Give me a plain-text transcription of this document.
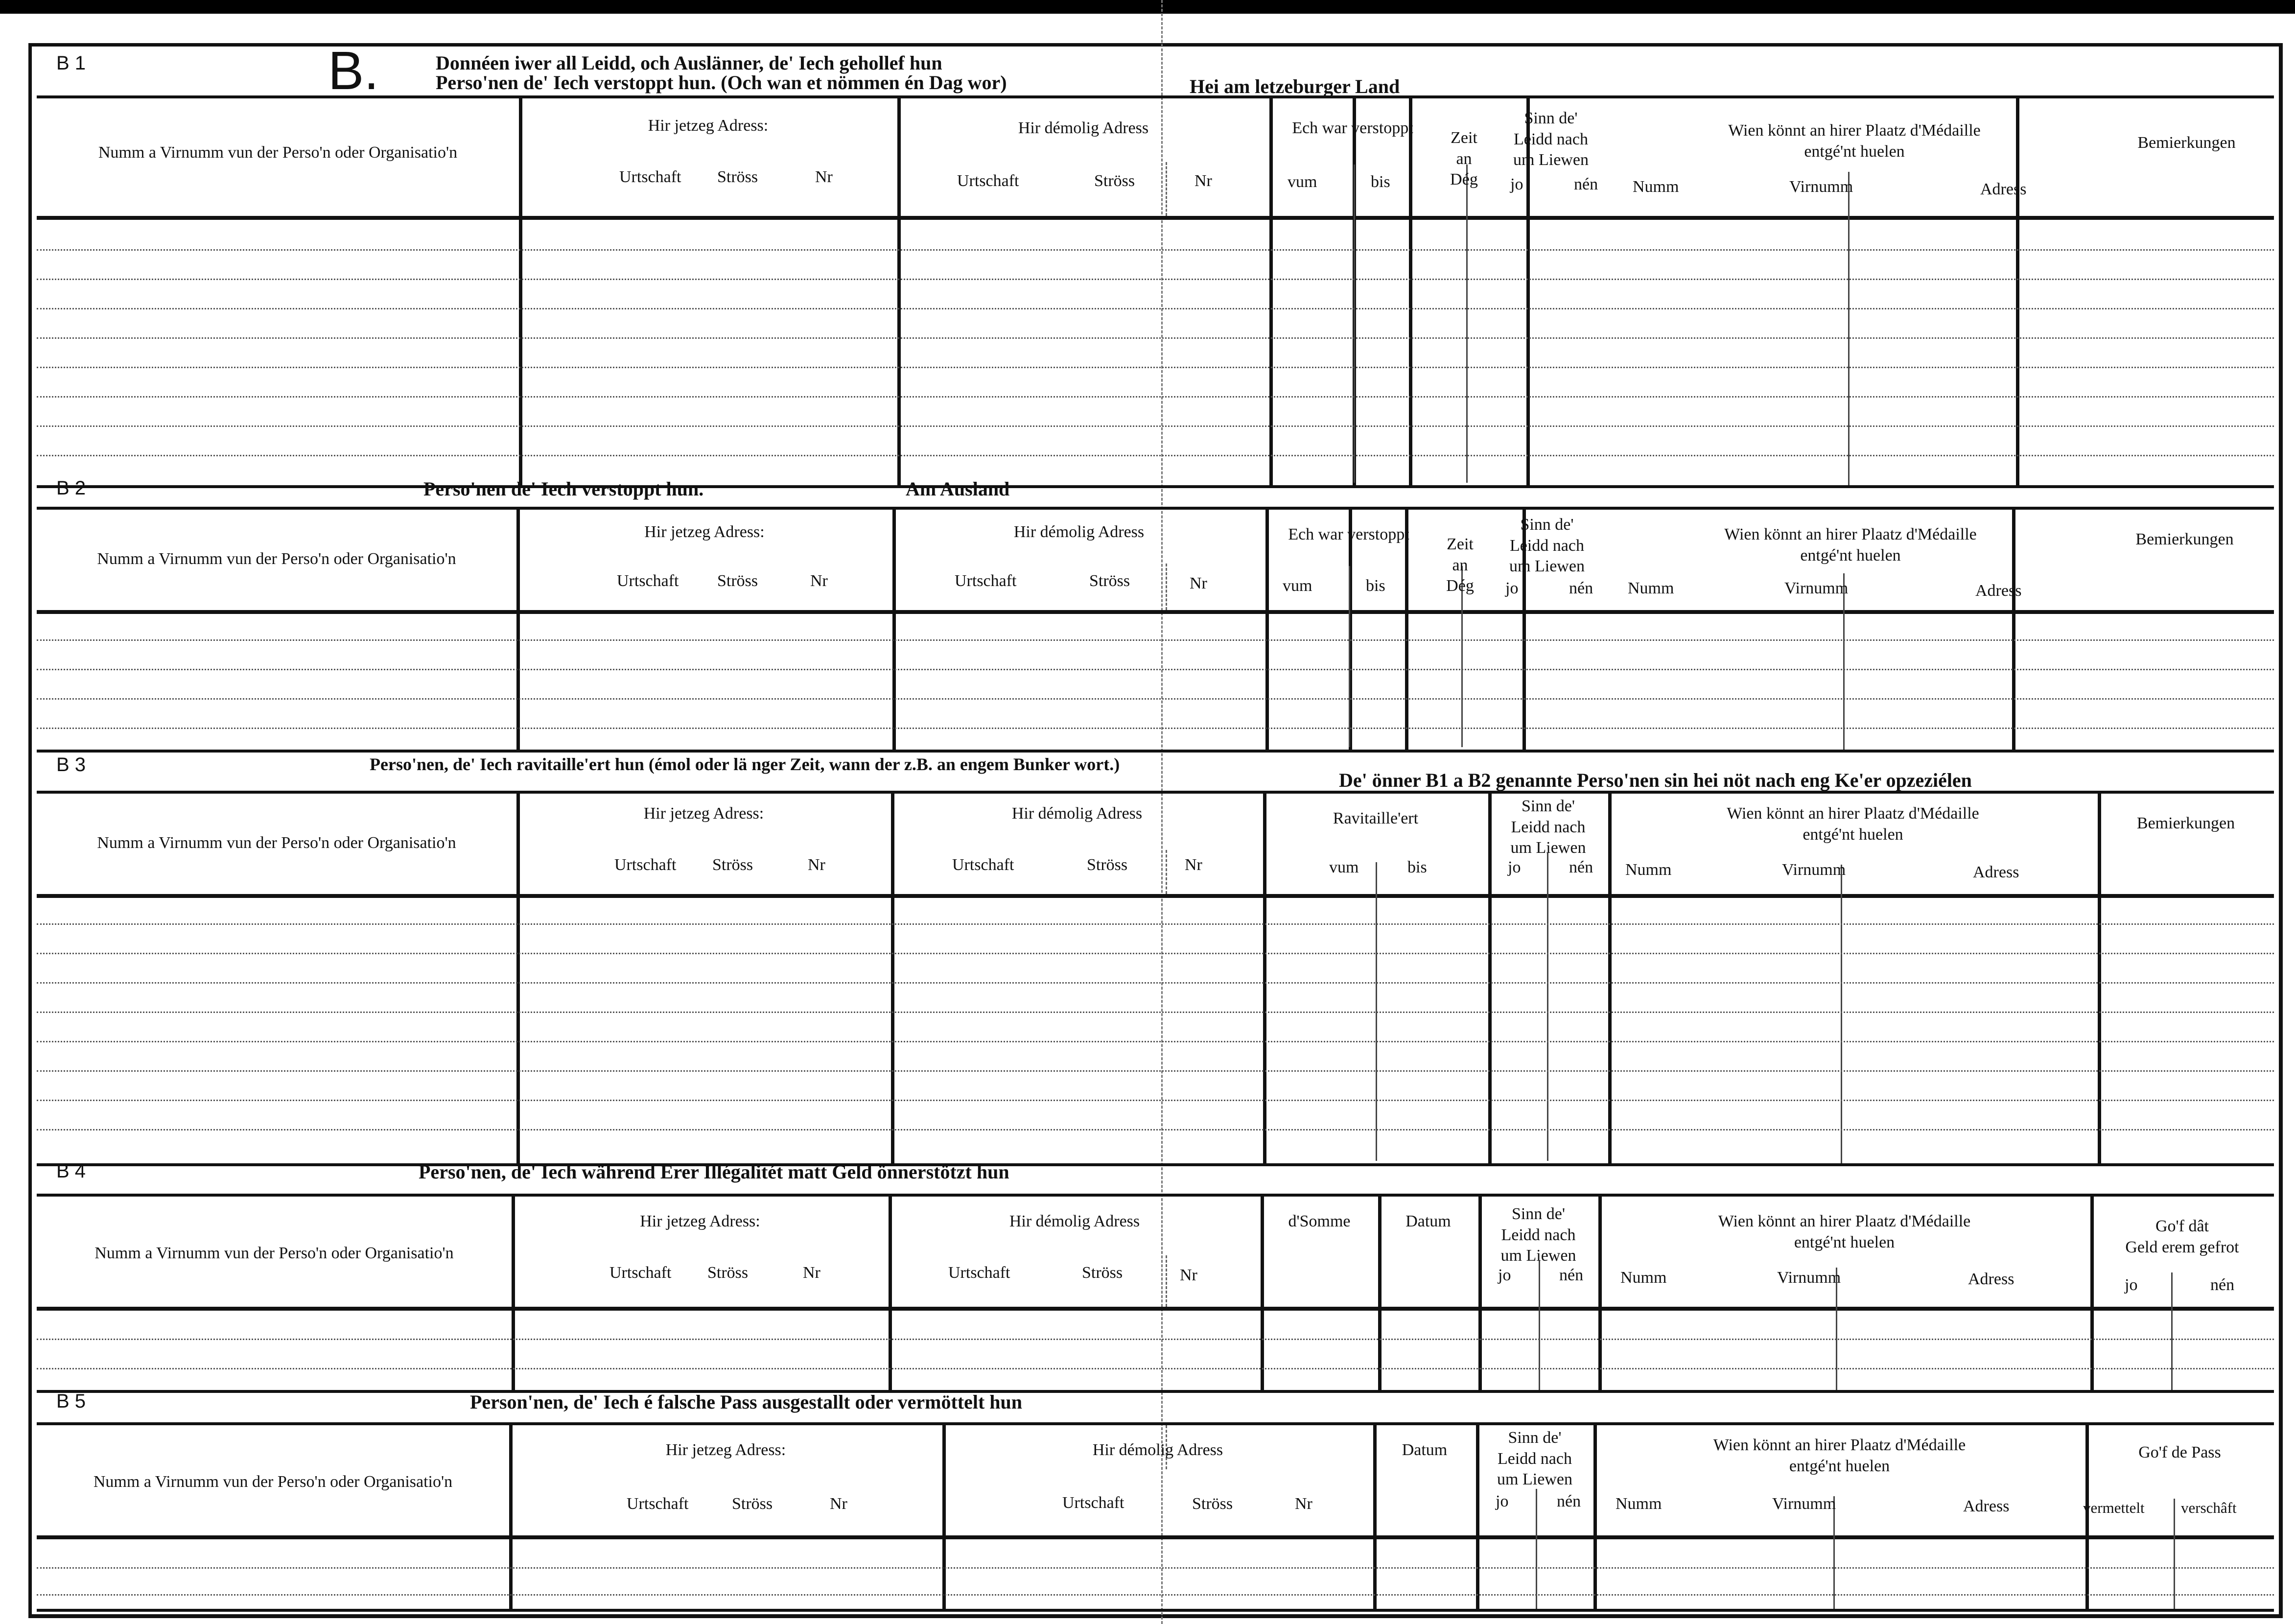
B 1	B.	Donnéen iwer all Leidd, och Auslänner, de' Iech gehollef hun
Perso'nen de' Iech verstoppt hun. (Och wan et nömmen én Dag wor)	Hei am letzeburger Land
Numm a Virnumm vun der Perso'n oder Organisatio'n
Hir jetzeg Adress:
Urtschaft Ströss	Nr
Hir démolig Adress
Urtschaft	Ströss	Nr
Ech war verstoppt
vum	bis
Zeit
an
Dég
Sinn de'
Leidd nach
um Liewen
jo	nén
Wien könnt an hirer Plaatz d'Médaille
entgé'nt huelen
Numm	Virnumm	Adress
Bemierkungen
B 2	Perso'nen de' Iech verstoppt hun.	Am Ausland
Numm a Virnumm vun der Perso'n oder Organisatio'n
Hir jetzeg Adress:
Urtschaft Ströss	Nr
Hir démolig Adress
Urtschaft	Ströss	Nr
Ech war verstoppt
vum	bis
Zeit
an
Dég
Sinn de'
Leidd nach
um Liewen
jo	nén
Wien könnt an hirer Plaatz d'Médaille
entgé'nt huelen
Numm	Virnumm	Adress
Bemierkungen
B 3	Perso'nen, de' Iech ravitaille'ert hun (émol oder lä nger Zeit, wann der z.B. an engem Bunker wort.)
De' önner B1 a B2 genannte Perso'nen sin hei nöt nach eng Ke'er opzeziélen
Numm a Virnumm vun der Perso'n oder Organisatio'n
Hir jetzeg Adress:
Urtschaft Ströss	Nr
Hir démolig Adress
Urtschaft	Ströss	Nr
Ravitaille'ert
vum	bis
Sinn de'
Leidd nach
um Liewen
jo	nén
Wien könnt an hirer Plaatz d'Médaille
entgé'nt huelen
Numm	Virnumm	Adress
Bemierkungen
B 4	Perso'nen, de' Iech während Erer Illégalitét matt Geld önnerstötzt hun
Numm a Virnumm vun der Perso'n oder Organisatio'n
Hir jetzeg Adress:
Urtschaft Ströss	Nr
Hir démolig Adress
Urtschaft	Ströss	Nr
d'Somme	Datum	Sinn de'
Leidd nach
um Liewen
jo	nén
Wien könnt an hirer Plaatz d'Médaille
entgé'nt huelen
Numm	Virnumm	Adress
Go'f dât
Geld erem gefrot
jo	nén
B 5	Person'nen, de' Iech é falsche Pass ausgestallt oder vermöttelt hun
Numm a Virnumm vun der Perso'n oder Organisatio'n
Hir jetzeg Adress:
Urtschaft	Ströss	Nr
Hir démolig Adress
Urtschaft	Ströss	Nr
Datum
Sinn de'
Leidd nach
um Liewen
jo	nén
Wien könnt an hirer Plaatz d'Médaille
entgé'nt huelen
Numm	Virnumm	Adress
Go'f de Pass
vermettelt verschâft
